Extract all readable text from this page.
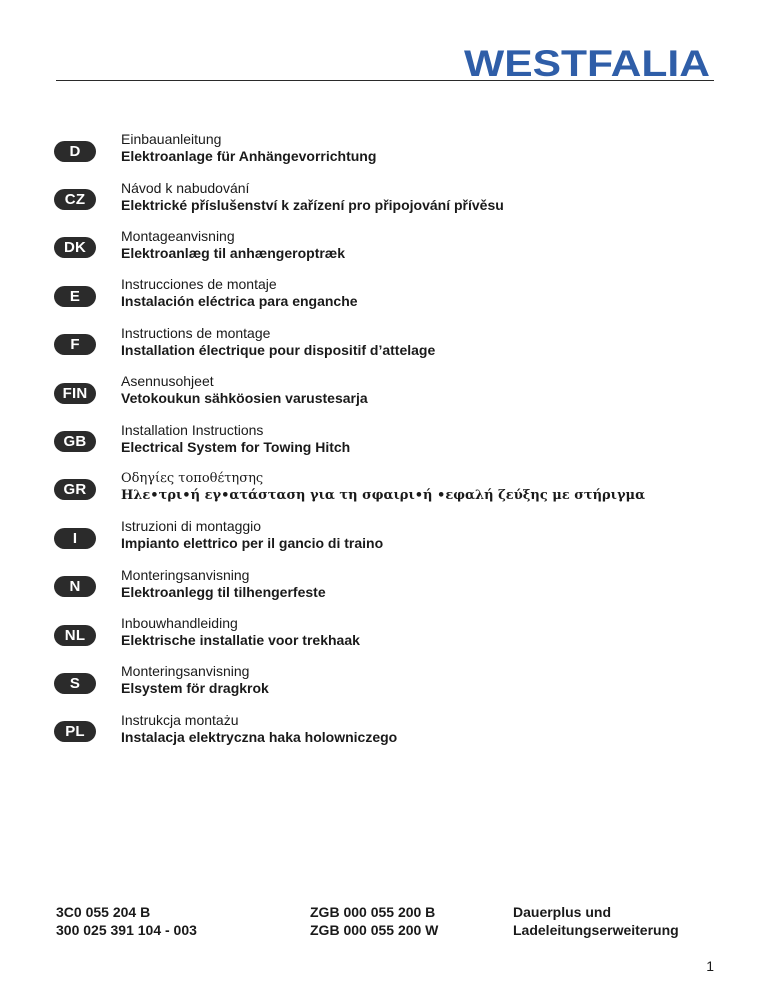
WESTFALIA
D
Einbauanleitung
Elektroanlage für Anhängevorrichtung
CZ
Návod k nabudování
Elektrické příslušenství k zařízení pro připojování přívěsu
DK
Montageanvisning
Elektroanlæg til anhængeroptræk
E
Instrucciones de montaje
Instalación eléctrica para enganche
F
Instructions de montage
Installation électrique pour dispositif d’attelage
FIN
Asennusohjeet
Vetokoukun sähköosien varustesarja
GB
Installation Instructions
Electrical System for Towing Hitch
GR
Οδηγίες τοποθέτησης
Ηλε•τρι•ή εγ•ατάσταση για τη σφαιρι•ή •εφαλή ζεύξης με στήριγμα
I
Istruzioni di montaggio
Impianto elettrico per il gancio di traino
N
Monteringsanvisning
Elektroanlegg til tilhengerfeste
NL
Inbouwhandleiding
Elektrische installatie voor trekhaak
S
Monteringsanvisning
Elsystem för dragkrok
PL
Instrukcja montażu
Instalacja elektryczna haka holowniczego
3C0 055 204 B
300 025 391 104 - 003
ZGB 000 055 200 B
ZGB 000 055 200 W
Dauerplus und
Ladeleitungserweiterung
1
